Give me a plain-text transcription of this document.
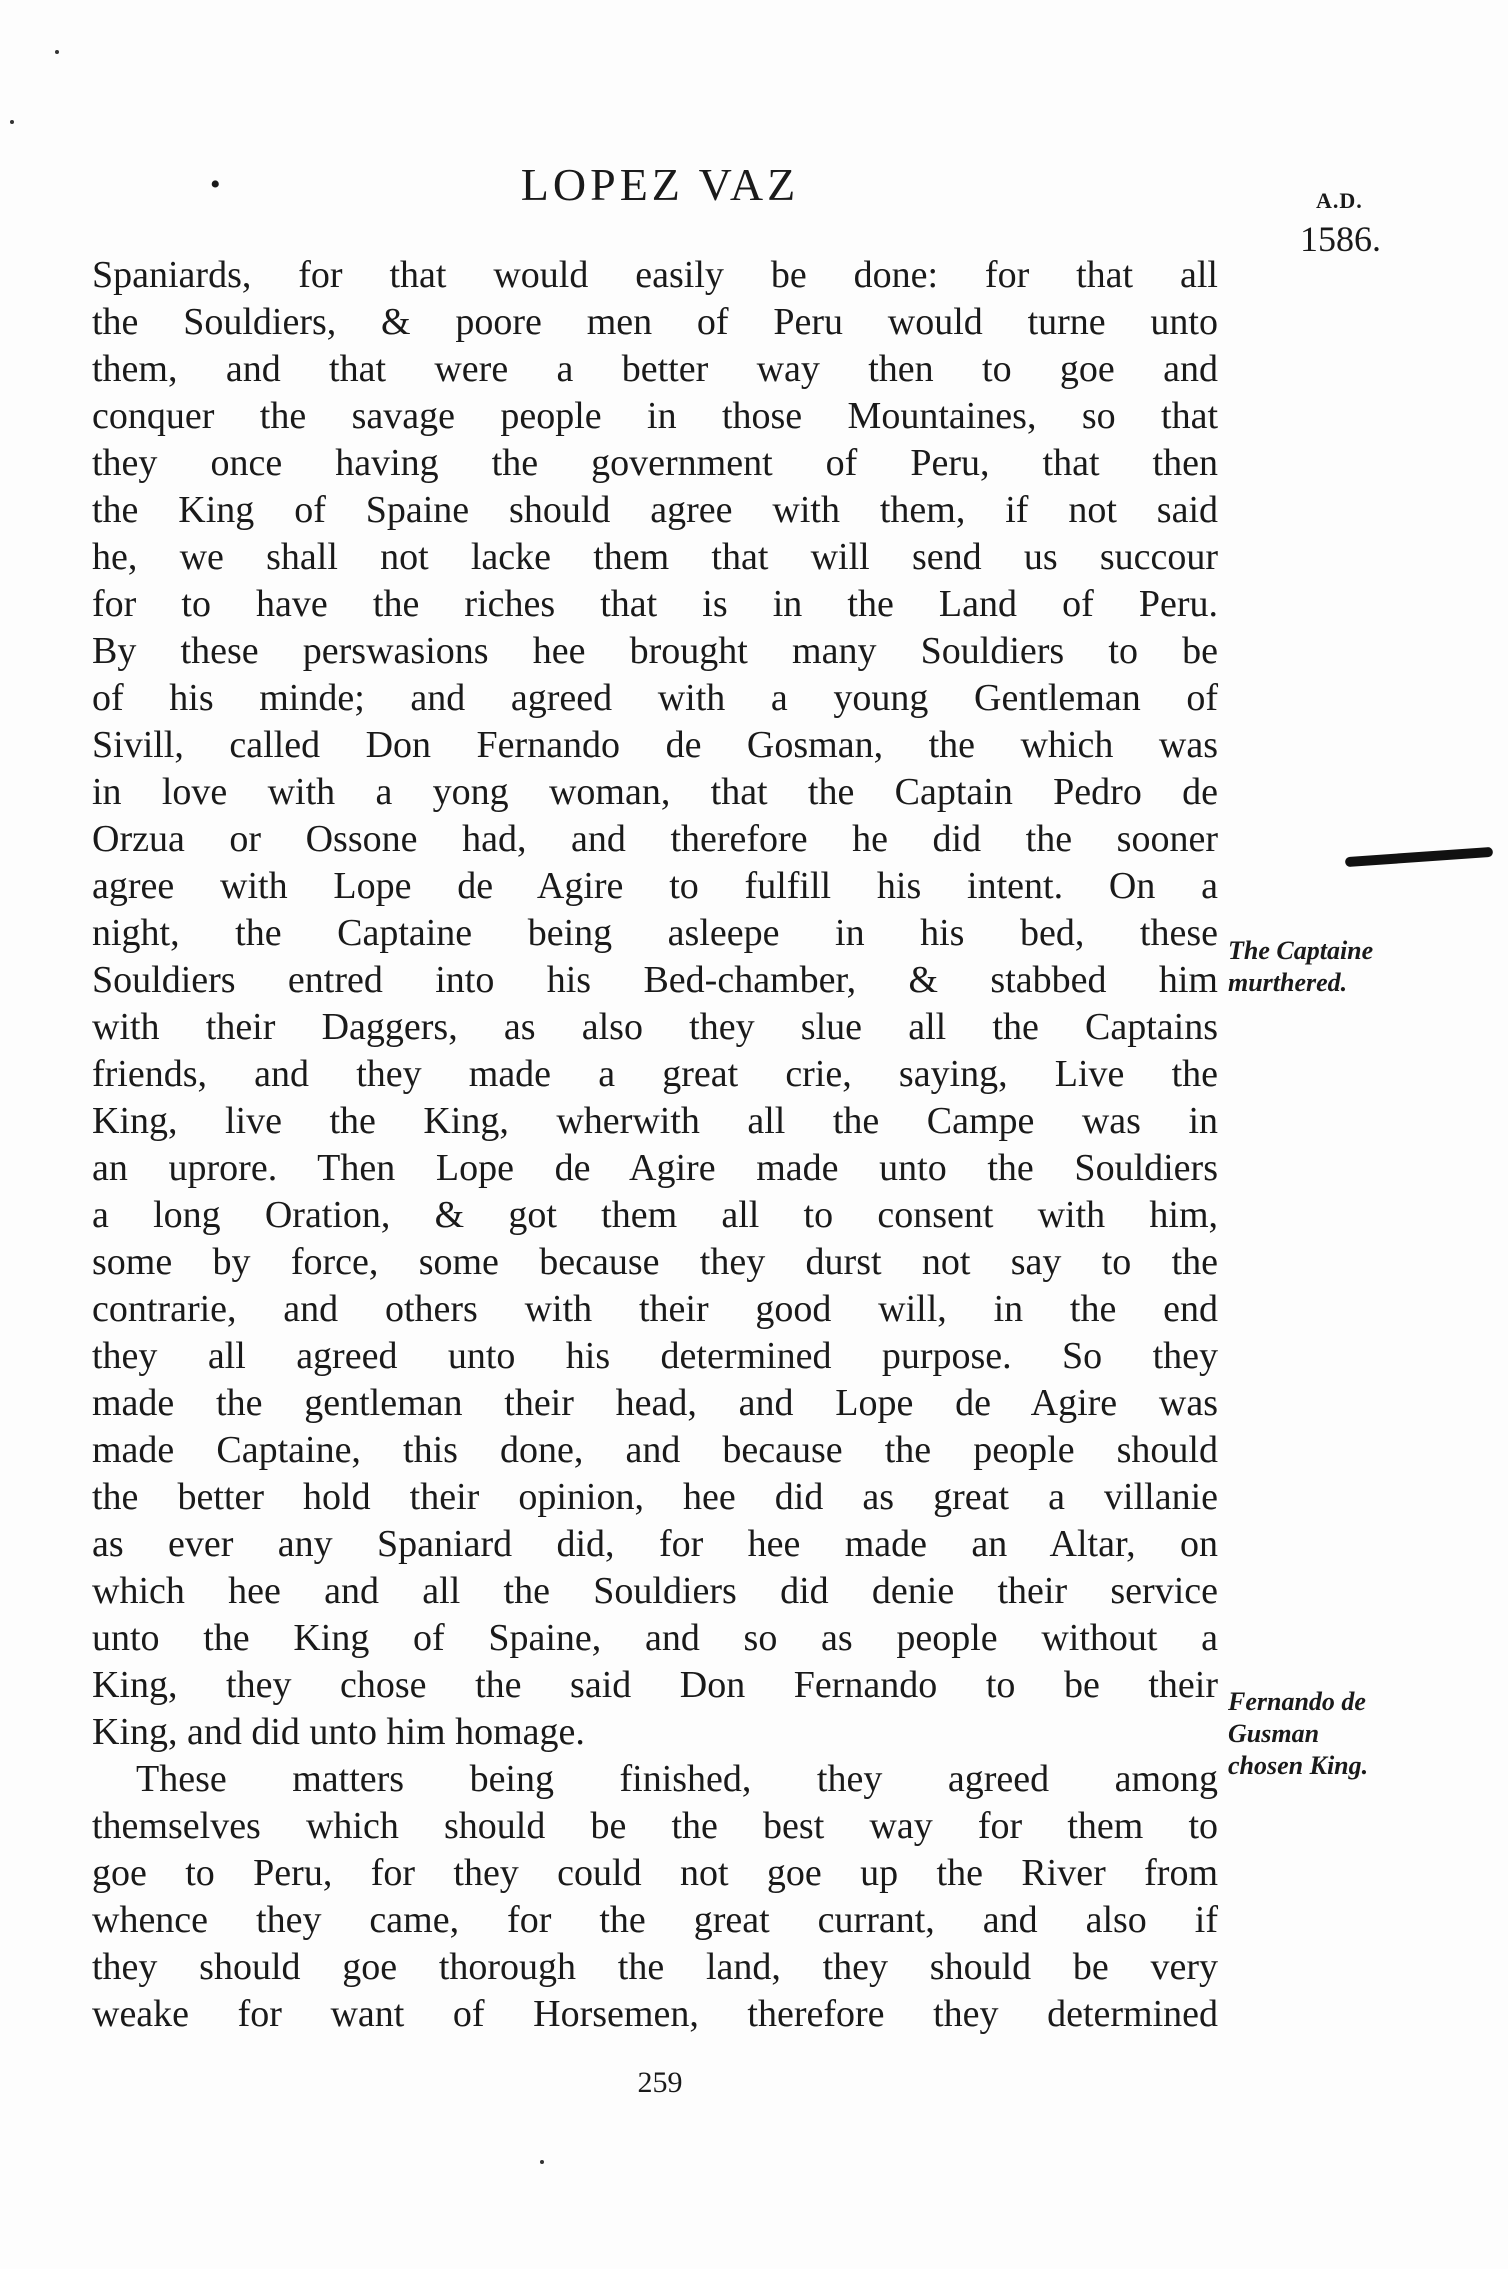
•	LOPEZ VAZ	A.D.
1586.
Spaniards, for that would easily be done: for that all
the Souldiers, & poore men of Peru would turne unto
them, and that were a better way then to goe and
conquer the savage people in those Mountaines, so that
they once having the government of Peru, that then
the King of Spaine should agree with them, if not said
he, we shall not lacke them that will send us succour
for to have the riches that is in the Land of Peru.
By these perswasions hee brought many Souldiers to be
of his minde; and agreed with a young Gentleman of
Sivill, called Don Fernando de Gosman, the which was
in love with a yong woman, that the Captain Pedro de
Orzua or Ossone had, and therefore he did the sooner
agree with Lope de Agire to fulfill his intent. On a
night, the Captaine being asleepe in his bed, these
Souldiers entred into his Bed-chamber, & stabbed him
with their Daggers, as also they slue all the Captains
friends, and they made a great crie, saying, Live the
King, live the King, wherwith all the Campe was in
an uprore. Then Lope de Agire made unto the Souldiers
a long Oration, & got them all to consent with him,
some by force, some because they durst not say to the
contrarie, and others with their good will, in the end
they all agreed unto his determined purpose. So they
made the gentleman their head, and Lope de Agire was
made Captaine, this done, and because the people should
the better hold their opinion, hee did as great a villanie
as ever any Spaniard did, for hee made an Altar, on
which hee and all the Souldiers did denie their service
unto the King of Spaine, and so as people without a
King, they chose the said Don Fernando to be their
King, and did unto him homage.
These matters being finished, they agreed among
themselves which should be the best way for them to
goe to Peru, for they could not goe up the River from
whence they came, for the great currant, and also if
they should goe thorough the land, they should be very
weake for want of Horsemen, therefore they determined
The Captaine
murthered.
Fernando de
Gusman
chosen King.
259
